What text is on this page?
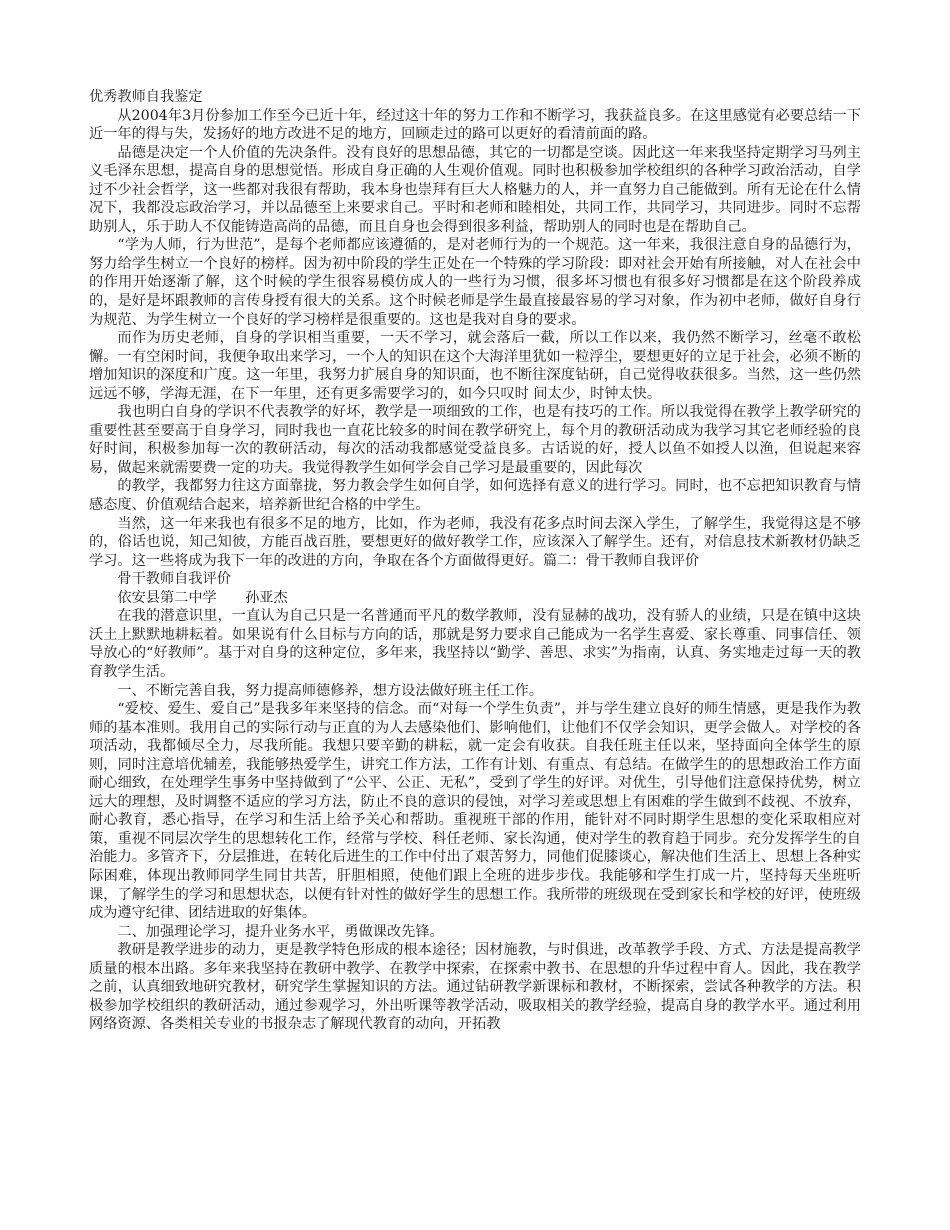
优秀教师自我鉴定

从2004年3月份参加工作至今已近十年，经过这十年的努力工作和不断学习，我获益良多。在这里感觉有必要总结一下近一年的得与失，发扬好的地方改进不足的地方，回顾走过的路可以更好的看清前面的路。

品德是决定一个人价值的先决条件。没有良好的思想品德，其它的一切都是空谈。因此这一年来我坚持定期学习马列主义毛泽东思想，提高自身的思想觉悟。形成自身正确的人生观价值观。同时也积极参加学校组织的各种学习政治活动，自学过不少社会哲学，这一些都对我很有帮助，我本身也崇拜有巨大人格魅力的人，并一直努力自己能做到。所有无论在什么情况下，我都没忘政治学习，并以品德至上来要求自己。平时和老师和睦相处，共同工作，共同学习，共同进步。同时不忘帮助别人，乐于助人不仅能铸造高尚的品德，而且自身也会得到很多利益，帮助别人的同时也是在帮助自己。

“学为人师，行为世范”，是每个老师都应该遵循的，是对老师行为的一个规范。这一年来，我很注意自身的品德行为，努力给学生树立一个良好的榜样。因为初中阶段的学生正处在一个特殊的学习阶段：即对社会开始有所接触，对人在社会中的作用开始逐渐了解，这个时候的学生很容易模仿成人的一些行为习惯，很多坏习惯也有很多好习惯都是在这个阶段养成的，是好是坏跟教师的言传身授有很大的关系。这个时候老师是学生最直接最容易的学习对象，作为初中老师，做好自身行为规范、为学生树立一个良好的学习榜样是很重要的。这也是我对自身的要求。

而作为历史老师，自身的学识相当重要，一天不学习，就会落后一截，所以工作以来，我仍然不断学习，丝毫不敢松懈。一有空闲时间，我便争取出来学习，一个人的知识在这个大海洋里犹如一粒浮尘，要想更好的立足于社会，必须不断的增加知识的深度和广度。这一年里，我努力扩展自身的知识面，也不断往深度钻研，自己觉得收获很多。当然，这一些仍然远远不够，学海无涯，在下一年里，还有更多需要学习的，如今只叹时 间太少，时钟太快。

我也明白自身的学识不代表教学的好坏，教学是一项细致的工作，也是有技巧的工作。所以我觉得在教学上教学研究的重要性甚至要高于自身学习，同时我也一直花比较多的时间在教学研究上，每个月的教研活动成为我学习其它老师经验的良好时间，积极参加每一次的教研活动，每次的活动我都感觉受益良多。古话说的好，授人以鱼不如授人以渔，但说起来容易，做起来就需要费一定的功夫。我觉得教学生如何学会自己学习是最重要的，因此每次

的教学，我都努力往这方面靠拢，努力教会学生如何自学，如何选择有意义的进行学习。同时，也不忘把知识教育与情感态度、价值观结合起来，培养新世纪合格的中学生。

当然，这一年来我也有很多不足的地方，比如，作为老师，我没有花多点时间去深入学生，了解学生，我觉得这是不够的，俗话也说，知己知彼，方能百战百胜，要想更好的做好教学工作，应该深入了解学生。还有，对信息技术新教材仍缺乏学习。这一些将成为我下一年的改进的方向，争取在各个方面做得更好。篇二：骨干教师自我评价

骨干教师自我评价

依安县第二中学　　孙亚杰

在我的潜意识里，一直认为自己只是一名普通而平凡的数学教师，没有显赫的战功，没有骄人的业绩，只是在镇中这块沃土上默默地耕耘着。如果说有什么目标与方向的话，那就是努力要求自己能成为一名学生喜爱、家长尊重、同事信任、领导放心的“好教师”。基于对自身的这种定位，多年来，我坚持以“勤学、善思、求实”为指南，认真、务实地走过每一天的教育教学生活。

一、不断完善自我，努力提高师德修养，想方设法做好班主任工作。

“爱校、爱生、爱自己”是我多年来坚持的信念。而“对每一个学生负责”，并与学生建立良好的师生情感，更是我作为教师的基本准则。我用自己的实际行动与正直的为人去感染他们、影响他们，让他们不仅学会知识，更学会做人。对学校的各项活动，我都倾尽全力，尽我所能。我想只要辛勤的耕耘，就一定会有收获。自我任班主任以来，坚持面向全体学生的原则，同时注意培优辅差，我能够热爱学生，讲究工作方法，工作有计划、有重点、有总结。在做学生的的思想政治工作方面耐心细致，在处理学生事务中坚持做到了“公平、公正、无私”，受到了学生的好评。对优生，引导他们注意保持优势，树立远大的理想，及时调整不适应的学习方法，防止不良的意识的侵蚀，对学习差或思想上有困难的学生做到不歧视、不放弃，耐心教育，悉心指导，在学习和生活上给予关心和帮助。重视班干部的作用，能针对不同时期学生思想的变化采取相应对策，重视不同层次学生的思想转化工作，经常与学校、科任老师、家长沟通，使对学生的教育趋于同步。充分发挥学生的自治能力。多管齐下，分层推进，在转化后进生的工作中付出了艰苦努力，同他们促膝谈心，解决他们生活上、思想上各种实际困难，体现出教师同学生同甘共苦，肝胆相照，使他们跟上全班的进步步伐。我能够和学生打成一片，坚持每天坐班听课，了解学生的学习和思想状态，以便有针对性的做好学生的思想工作。我所带的班级现在受到家长和学校的好评，使班级成为遵守纪律、团结进取的好集体。

二、加强理论学习，提升业务水平，勇做课改先锋。

教研是教学进步的动力，更是教学特色形成的根本途径；因材施教，与时俱进，改革教学手段、方式、方法是提高教学质量的根本出路。多年来我坚持在教研中教学、在教学中探索，在探索中教书、在思想的升华过程中育人。因此，我在教学之前，认真细致地研究教材，研究学生掌握知识的方法。通过钻研教学新课标和教材，不断探索，尝试各种教学的方法。积极参加学校组织的教研活动，通过参观学习，外出听课等教学活动，吸取相关的教学经验，提高自身的教学水平。通过利用网络资源、各类相关专业的书报杂志了解现代教育的动向，开拓教
